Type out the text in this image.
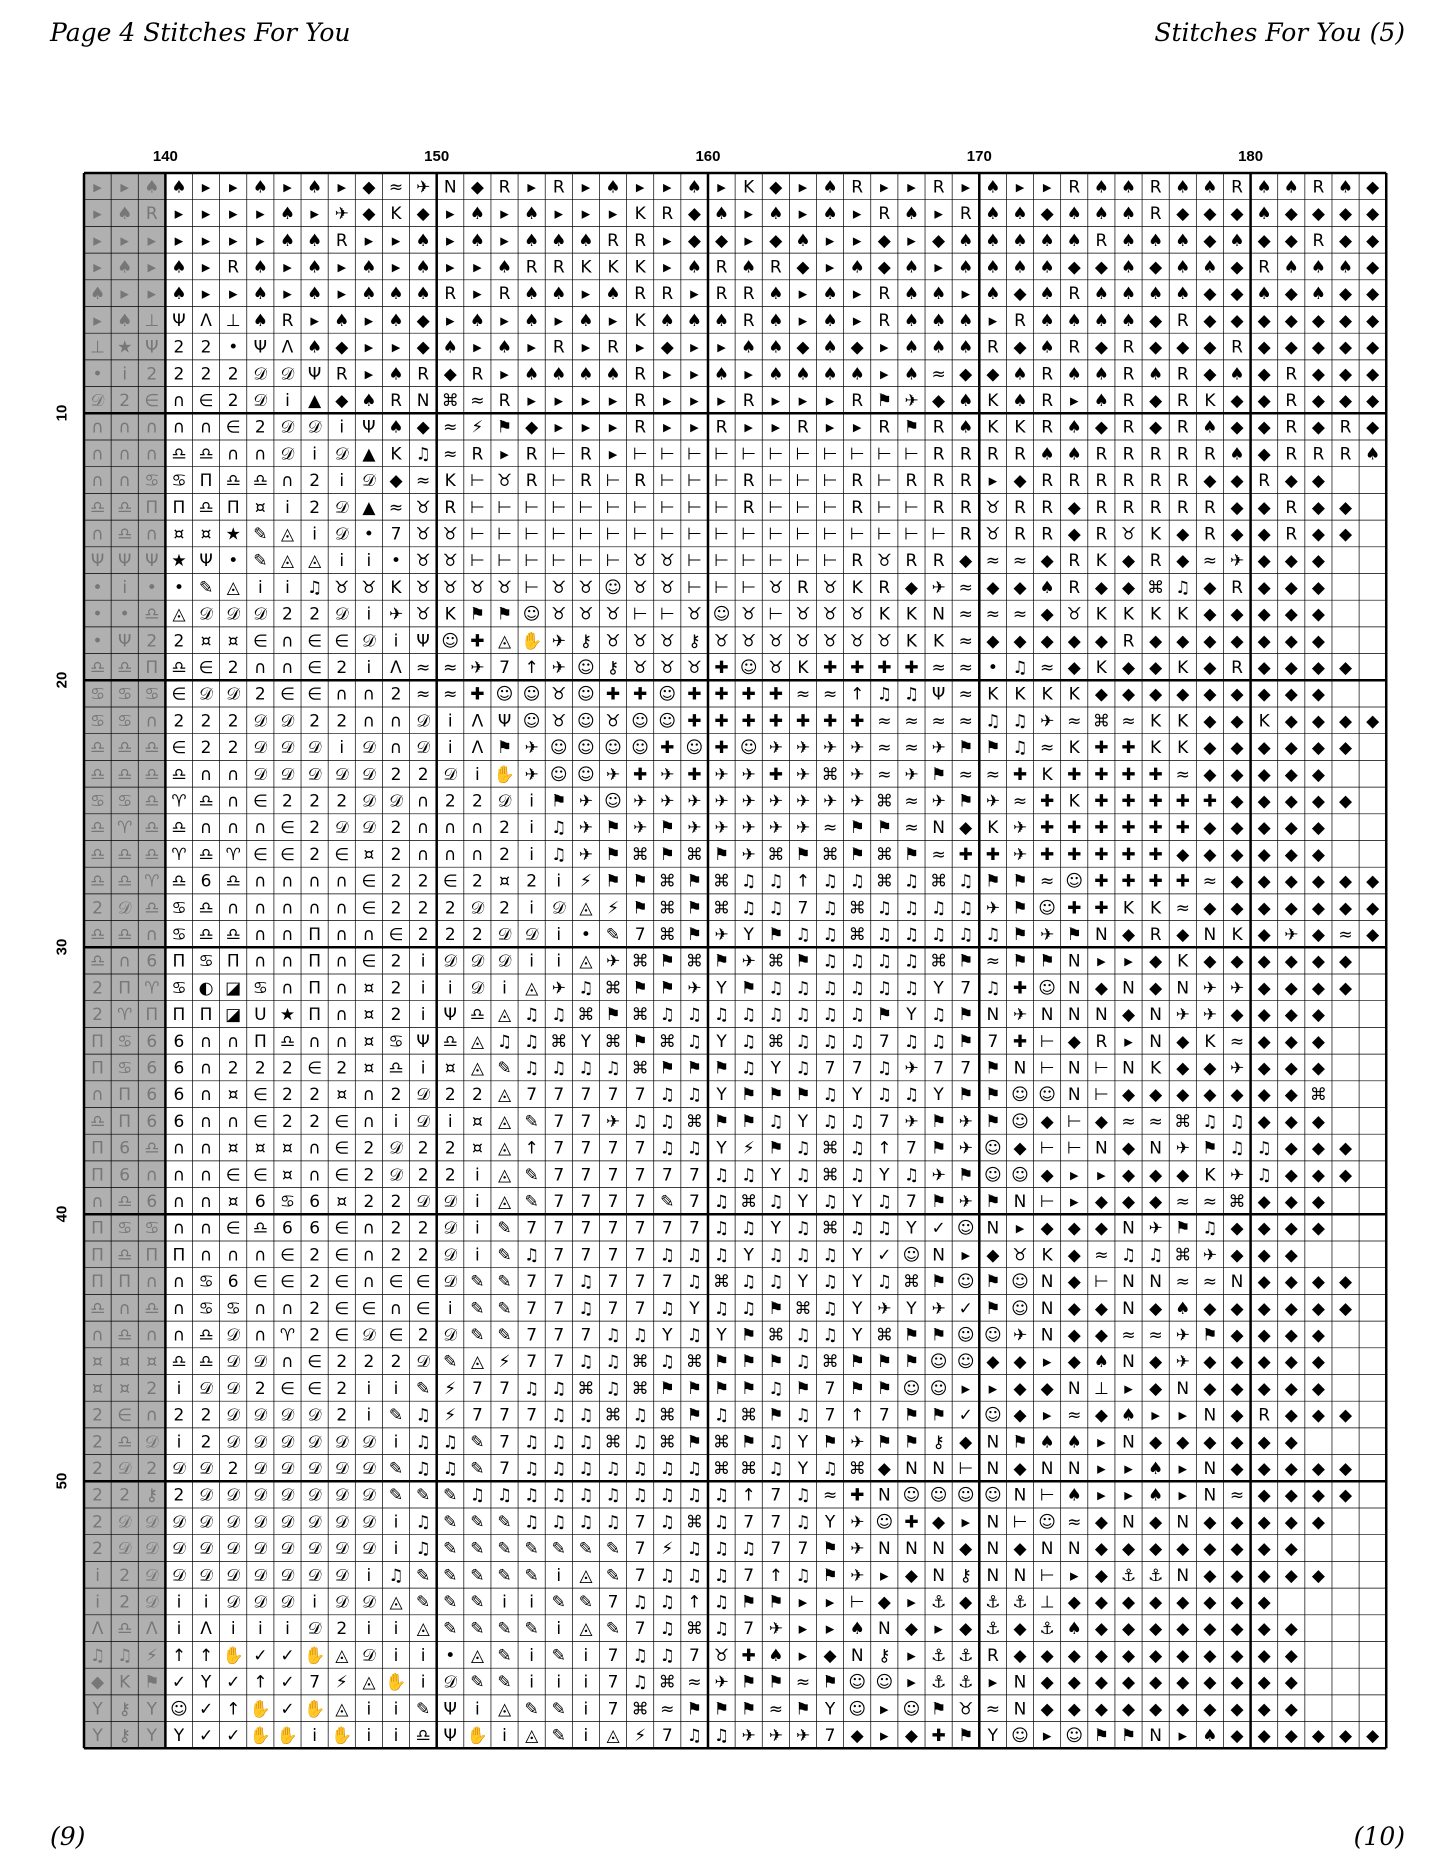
Page 4 Stitches For You	Stitches For You (5)
140	150	160	170	180
10
20
30
40
50
▸ ▸ ♠ ♠ ▸ ▸ ♠ ▸ ♠ ▸ ◆ ≈ ✈ N ◆ R ▸ R ▸ ♠ ▸ ▸ ♠ ▸ K ◆ ▸ ♠ R ▸ ▸ R ▸ ♠ ▸ ▸ R ♠ ♠ R ♠ ♠ R ♠ ♠ R ♠ ◆
▸ ♠ R ▸ ▸ ▸ ▸ ♠ ▸ ✈ ◆ K ◆ ▸ ♠ ▸ ♠ ▸ ▸ ▸ K R ◆ ♠ ▸ ♠ ▸ ♠ ▸ R ♠ ▸ R ♠ ♠ ◆ ♠ ♠ ♠ R ◆ ◆ ◆ ♠ ◆ ◆ ◆ ◆
▸ ▸ ▸ ▸ ▸ ▸ ▸ ♠ ♠ R ▸ ▸ ♠ ▸ ♠ ▸ ♠ ♠ ♠ R R ▸ ◆ ◆ ▸ ◆ ♠ ▸ ▸ ◆ ▸ ◆ ♠ ♠ ♠ ♠ ♠ R ♠ ♠ ♠ ◆ ♠ ◆ ◆ R ◆ ◆
▸ ♠ ▸ ♠ ▸ R ♠ ▸ ♠ ▸ ♠ ▸ ♠ ▸ ▸ ♠ R R K K K ▸ ♠ R ♠ R ◆ ▸ ♠ ◆ ♠ ▸ ♠ ♠ ♠ ♠ ◆ ◆ ♠ ◆ ♠ ♠ ◆ R ♠ ♠ ♠ ◆
♠ ▸ ▸ ♠ ▸ ▸ ♠ ▸ ♠ ▸ ♠ ♠ ♠ R ▸ R ♠ ♠ ▸ ♠ R R ▸ R R ♠ ▸ ♠ ▸ R ♠ ♠ ▸ ♠ ◆ ♠ R ♠ ♠ ♠ ♠ ◆ ◆ ♠ ◆ ♠ ◆ ◆
▸ ♠ ⊥ Ψ Λ ⊥ ♠ R ▸ ♠ ▸ ♠ ◆ ▸ ♠ ▸ ♠ ▸ ♠ ▸ K ♠ ♠ ♠ R ♠ ▸ ♠ ▸ R ♠ ♠ ♠ ▸ R ♠ ♠ ♠ ♠ ◆ R ◆ ◆ ◆ ◆ ◆ ◆ ◆
⊥ ★ Ψ 2 2 • Ψ Λ ♠ ◆ ▸ ▸ ◆ ♠ ▸ ♠ ▸ R ▸ R ▸ ◆ ▸ ▸ ♠ ♠ ◆ ♠ ◆ ▸ ♠ ♠ ♠ R ◆ ♠ R ◆ R ◆ ◆ ◆ R ◆ ◆ ◆ ◆ ◆
• i 2 2 2 2 𝒟 𝒟 Ψ R ▸ ♠ R ◆ R ▸ ♠ ♠ ♠ ♠ R ▸ ▸ ♠ ▸ ♠ ♠ ♠ ♠ ▸ ♠ ≈ ◆ ◆ ♠ R ♠ ♠ R ♠ R ◆ ♠ ◆ R ◆ ◆ ◆
𝒟 2 ∈ ∩ ∈ 2 𝒟 i ▲ ◆ ♠ R N ⌘ ≈ R ▸ ▸ ▸ ▸ R ▸ ▸ ▸ R ▸ ▸ ▸ R ⚑ ✈ ◆ ♠ K ♠ R ▸ ♠ R ◆ R K ◆ ◆ R ◆ ◆ ◆
∩ ∩ ∩ ∩ ∩ ∈ 2 𝒟 𝒟 i Ψ ♠ ◆ ≈ ⚡ ⚑ ◆ ▸ ▸ ▸ R ▸ ▸ R ▸ ▸ R ▸ ▸ R ⚑ R ♠ K K R ♠ ◆ R ◆ R ♠ ◆ ◆ R ◆ R ◆
∩ ∩ ∩ ♎ ♎ ∩ ∩ 𝒟 i 𝒟 ▲ K ♫ ≈ R ▸ R ⊢ R ▸ ⊢ ⊢ ⊢ ⊢ ⊢ ⊢ ⊢ ⊢ ⊢ ⊢ ⊢ R R R R ♠ ♠ R R R R R ♠ ◆ R R R ♠
∩ ∩ ♋ ♋ Π ♎ ♎ ∩ 2 i 𝒟 ◆ ≈ K ⊢ ♉ R ⊢ R ⊢ R ⊢ ⊢ ⊢ R ⊢ ⊢ ⊢ R ⊢ R R R ▸ ◆ R R R R R R ◆ ◆ R ◆ ◆
♎ ♎ Π Π ♎ Π ¤ i 2 𝒟 ▲ ≈ ♉ R ⊢ ⊢ ⊢ ⊢ ⊢ ⊢ ⊢ ⊢ ⊢ ⊢ R ⊢ ⊢ ⊢ R ⊢ ⊢ R R ♉ R R ◆ R R R R R ◆ ◆ R ◆ ◆
∩ ♎ ∩ ¤ ¤ ★ ✎ ◬ i 𝒟 • 7 ♉ ♉ ⊢ ⊢ ⊢ ⊢ ⊢ ⊢ ⊢ ⊢ ⊢ ⊢ ⊢ ⊢ ⊢ ⊢ ⊢ ⊢ ⊢ ⊢ R ♉ R R ◆ R ♉ K ◆ R ◆ ◆ R ◆ ◆
Ψ Ψ Ψ ★ Ψ • ✎ ◬ ◬ i i • ♉ ♉ ⊢ ⊢ ⊢ ⊢ ⊢ ⊢ ♉ ♉ ⊢ ⊢ ⊢ ⊢ ⊢ ⊢ R ♉ R R ◆ ≈ ≈ ◆ R K ◆ R ◆ ≈ ✈ ◆ ◆ ◆
• i • • ✎ ◬ i i ♫ ♉ ♉ K ♉ ♉ ♉ ♉ ⊢ ♉ ♉ ☺ ♉ ♉ ⊢ ⊢ ⊢ ♉ R ♉ K R ◆ ✈ ≈ ◆ ◆ ♠ R ◆ ◆ ⌘ ♫ ◆ R ◆ ◆ ◆
• • ♎ ◬ 𝒟 𝒟 𝒟 2 2 𝒟 i ✈ ♉ K ⚑ ⚑ ☺ ♉ ♉ ♉ ⊢ ⊢ ♉ ☺ ♉ ⊢ ♉ ♉ ♉ K K N ≈ ≈ ≈ ◆ ♉ K K K K ◆ ◆ ◆ ◆ ◆
• Ψ 2 2 ¤ ¤ ∈ ∩ ∈ ∈ 𝒟 i Ψ ☺ ✚ ◬ ✋ ✈ ⚷ ♉ ♉ ♉ ⚷ ♉ ♉ ♉ ♉ ♉ ♉ ♉ K K ≈ ◆ ◆ ◆ ◆ ◆ R ◆ ◆ ◆ ◆ ◆ ◆ ◆
♎ ♎ Π ♎ ∈ 2 ∩ ∩ ∈ 2 i Λ ≈ ≈ ✈ 7 ↑ ✈ ☺ ⚷ ♉ ♉ ♉ ✚ ☺ ♉ K ✚ ✚ ✚ ✚ ≈ ≈ • ♫ ≈ ◆ K ◆ ◆ K ◆ R ◆ ◆ ◆ ◆
♋ ♋ ♋ ∈ 𝒟 𝒟 2 ∈ ∈ ∩ ∩ 2 ≈ ≈ ✚ ☺ ☺ ♉ ☺ ✚ ✚ ☺ ✚ ✚ ✚ ✚ ≈ ≈ ↑ ♫ ♫ Ψ ≈ K K K K ◆ ◆ ◆ ◆ ◆ ◆ ◆ ◆ ◆
♋ ♋ ∩ 2 2 2 𝒟 𝒟 2 2 ∩ ∩ 𝒟 i Λ Ψ ☺ ♉ ☺ ♉ ☺ ☺ ✚ ✚ ✚ ✚ ✚ ✚ ✚ ≈ ≈ ≈ ≈ ♫ ♫ ✈ ≈ ⌘ ≈ K K ◆ ◆ K ◆ ◆ ◆ ◆
♎ ♎ ♎ ∈ 2 2 𝒟 𝒟 𝒟 i 𝒟 ∩ 𝒟 i Λ ⚑ ✈ ☺ ☺ ☺ ☺ ✚ ☺ ✚ ☺ ✈ ✈ ✈ ✈ ≈ ≈ ✈ ⚑ ⚑ ♫ ≈ K ✚ ✚ K K ◆ ◆ ◆ ◆ ◆ ◆
♎ ♎ ♎ ♎ ∩ ∩ 𝒟 𝒟 𝒟 𝒟 𝒟 2 2 𝒟 i ✋ ✈ ☺ ☺ ✈ ✚ ✈ ✚ ✈ ✈ ✚ ✈ ⌘ ✈ ≈ ✈ ⚑ ≈ ≈ ✚ K ✚ ✚ ✚ ✚ ≈ ◆ ◆ ◆ ◆ ◆
♋ ♋ ♎ ♈ ♎ ∩ ∈ 2 2 2 𝒟 𝒟 ∩ 2 2 𝒟 i ⚑ ✈ ☺ ✈ ✈ ✈ ✈ ✈ ✈ ✈ ✈ ✈ ⌘ ≈ ✈ ⚑ ✈ ≈ ✚ K ✚ ✚ ✚ ✚ ✚ ◆ ◆ ◆ ◆ ◆
♎ ♈ ♎ ♎ ∩ ∩ ∩ ∈ 2 𝒟 𝒟 2 ∩ ∩ ∩ 2 i ♫ ✈ ⚑ ✈ ⚑ ✈ ✈ ✈ ✈ ✈ ≈ ⚑ ⚑ ≈ N ◆ K ✈ ✚ ✚ ✚ ✚ ✚ ✚ ◆ ◆ ◆ ◆ ◆
♎ ♎ ♎ ♈ ♎ ♈ ∈ ∈ 2 ∈ ¤ 2 ∩ ∩ ∩ 2 i ♫ ✈ ⚑ ⌘ ⚑ ⌘ ⚑ ✈ ⌘ ⚑ ⌘ ⚑ ⌘ ⚑ ≈ ✚ ✚ ✈ ✚ ✚ ✚ ✚ ✚ ◆ ◆ ◆ ◆ ◆ ◆
♎ ♎ ♈ ♎ 6 ♎ ∩ ∩ ∩ ∩ ∈ 2 2 ∈ 2 ¤ 2 i ⚡ ⚑ ⚑ ⌘ ⚑ ⌘ ♫ ♫ ↑ ♫ ♫ ⌘ ♫ ⌘ ♫ ⚑ ⚑ ≈ ☺ ✚ ✚ ✚ ✚ ≈ ◆ ◆ ◆ ◆ ◆ ◆
2 𝒟 ♎ ♋ ♎ ∩ ∩ ∩ ∩ ∩ ∈ 2 2 2 𝒟 2 i 𝒟 ◬ ⚡ ⚑ ⌘ ⚑ ⌘ ♫ ♫ 7 ♫ ⌘ ♫ ♫ ♫ ♫ ✈ ⚑ ☺ ✚ ✚ K K ≈ ◆ ◆ ◆ ◆ ◆ ◆ ◆
♎ ♎ ∩ ♋ ♎ ♎ ∩ ∩ Π ∩ ∩ ∈ 2 2 2 𝒟 𝒟 i • ✎ 7 ⌘ ⚑ ✈ Y ⚑ ♫ ♫ ⌘ ♫ ♫ ♫ ♫ ♫ ⚑ ✈ ⚑ N ◆ R ◆ N K ◆ ✈ ◆ ≈ ◆
♎ ∩ 6 Π ♋ Π ∩ ∩ Π ∩ ∈ 2 i 𝒟 𝒟 𝒟 i i ◬ ✈ ⌘ ⚑ ⌘ ⚑ ✈ ⌘ ⚑ ♫ ♫ ♫ ♫ ⌘ ⚑ ≈ ⚑ ⚑ N ▸ ▸ ◆ K ◆ ◆ ◆ ◆ ◆ ◆
2 Π ♈ ♋ ◐ ◪ ♋ ∩ Π ∩ ¤ 2 i i 𝒟 i ◬ ✈ ♫ ⌘ ⚑ ⚑ ✈ Y ⚑ ♫ ♫ ♫ ♫ ♫ ♫ Y 7 ♫ ✚ ☺ N ◆ N ◆ N ✈ ✈ ◆ ◆ ◆ ◆
2 ♈ Π Π Π ◪ U ★ Π ∩ ¤ 2 i Ψ ♎ ◬ ♫ ♫ ⌘ ⚑ ⌘ ♫ ♫ ♫ ♫ ♫ ♫ ♫ ♫ ⚑ Y ♫ ⚑ N ✈ N N N ◆ N ✈ ✈ ◆ ◆ ◆ ◆
Π ♋ 6 6 ∩ ∩ Π ♎ ∩ ∩ ¤ ♋ Ψ ♎ ◬ ♫ ♫ ⌘ Y ⌘ ⚑ ⌘ ♫ Y ♫ ⌘ ♫ ♫ ♫ 7 ♫ ♫ ⚑ 7 ✚ ⊢ ◆ R ▸ N ◆ K ≈ ◆ ◆ ◆
Π ♋ 6 6 ∩ 2 2 2 ∈ 2 ¤ ♎ i ¤ ◬ ✎ ♫ ♫ ♫ ♫ ⌘ ⚑ ⚑ ⚑ ♫ Y ♫ 7 7 ♫ ✈ 7 7 ⚑ N ⊢ N ⊢ N K ◆ ◆ ✈ ◆ ◆ ◆
∩ Π 6 6 ∩ ¤ ∈ 2 2 ¤ ∩ 2 𝒟 2 2 ◬ 7 7 7 7 7 ♫ ♫ Y ⚑ ⚑ ⚑ ♫ Y ♫ ♫ Y ⚑ ⚑ ☺ ☺ N ⊢ ◆ ◆ ◆ ◆ ◆ ◆ ◆ ⌘
♎ Π 6 6 ∩ ∩ ∈ 2 2 ∈ ∩ i 𝒟 i ¤ ◬ ✎ 7 7 ✈ ♫ ♫ ⌘ ⚑ ⚑ ♫ Y ♫ ♫ 7 ✈ ⚑ ✈ ⚑ ☺ ◆ ⊢ ◆ ≈ ≈ ⌘ ♫ ♫ ◆ ◆ ◆
Π 6 ♎ ∩ ∩ ¤ ¤ ¤ ∩ ∈ 2 𝒟 2 2 ¤ ◬ ↑ 7 7 7 7 ♫ ♫ Y ⚡ ⚑ ♫ ⌘ ♫ ↑ 7 ⚑ ✈ ☺ ◆ ⊢ ⊢ N ◆ N ✈ ⚑ ♫ ♫ ◆ ◆ ◆
Π 6 ∩ ∩ ∩ ∈ ∈ ¤ ∩ ∈ 2 𝒟 2 2 i ◬ ✎ 7 7 7 7 7 7 ♫ ♫ Y ♫ ⌘ ♫ Y ♫ ✈ ⚑ ☺ ☺ ◆ ▸ ▸ ◆ ◆ ◆ K ✈ ♫ ◆ ◆ ◆
∩ ♎ 6 ∩ ∩ ¤ 6 ♋ 6 ¤ 2 2 𝒟 𝒟 i ◬ ✎ 7 7 7 7 ✎ 7 ♫ ⌘ ♫ Y ♫ Y ♫ 7 ⚑ ✈ ⚑ N ⊢ ▸ ◆ ◆ ◆ ≈ ≈ ⌘ ◆ ◆ ◆
Π ♋ ♋ ∩ ∩ ∈ ♎ 6 6 ∈ ∩ 2 2 𝒟 i ✎ 7 7 7 7 7 7 7 ♫ ♫ Y ♫ ⌘ ♫ ♫ Y ✓ ☺ N ▸ ◆ ◆ ◆ N ✈ ⚑ ♫ ◆ ◆ ◆ ◆
Π ♎ Π Π ∩ ∩ ∩ ∈ 2 ∈ ∩ 2 2 𝒟 i ✎ ♫ 7 7 7 7 ♫ ♫ ♫ Y ♫ ♫ ♫ Y ✓ ☺ N ▸ ◆ ♉ K ◆ ≈ ♫ ♫ ⌘ ✈ ◆ ◆ ◆
Π Π ∩ ∩ ♋ 6 ∈ ∈ 2 ∈ ∩ ∈ ∈ 𝒟 ✎ ✎ 7 7 ♫ 7 7 7 ♫ ⌘ ♫ ♫ Y ♫ Y ♫ ⌘ ⚑ ☺ ⚑ ☺ N ◆ ⊢ N N ≈ ≈ N ◆ ◆ ◆ ◆
♎ ∩ ♎ ∩ ♋ ♋ ∩ ∩ 2 ∈ ∈ ∩ ∈ i ✎ ✎ 7 7 ♫ 7 7 ♫ Y ♫ ♫ ⚑ ⌘ ♫ Y ✈ Y ✈ ✓ ⚑ ☺ N ◆ ◆ N ◆ ♠ ◆ ◆ ◆ ◆ ◆ ◆
∩ ♎ ∩ ∩ ♎ 𝒟 ∩ ♈ 2 ∈ 𝒟 ∈ 2 𝒟 ✎ ✎ 7 7 7 ♫ ♫ Y ♫ Y ⚑ ⌘ ♫ ♫ Y ⌘ ⚑ ⚑ ☺ ☺ ✈ N ◆ ◆ ≈ ≈ ✈ ⚑ ◆ ◆ ◆ ◆
¤ ¤ ¤ ♎ ♎ 𝒟 𝒟 ∩ ∈ 2 2 2 𝒟 ✎ ◬ ⚡ 7 7 ♫ ♫ ⌘ ♫ ⌘ ⚑ ⚑ ⚑ ♫ ⌘ ⚑ ⚑ ⚑ ☺ ☺ ◆ ◆ ▸ ◆ ♠ N ◆ ✈ ◆ ◆ ◆ ◆ ◆
¤ ¤ 2 i 𝒟 𝒟 2 ∈ ∈ 2 i i ✎ ⚡ 7 7 ♫ ♫ ⌘ ♫ ⌘ ⚑ ⚑ ⚑ ⚑ ♫ ⚑ 7 ⚑ ⚑ ☺ ☺ ▸ ▸ ◆ ◆ N ⊥ ▸ ◆ N ◆ ◆ ◆ ◆ ◆
2 ∈ ∩ 2 2 𝒟 𝒟 𝒟 𝒟 2 i ✎ ♫ ⚡ 7 7 7 ♫ ♫ ⌘ ♫ ⌘ ⚑ ♫ ⌘ ⚑ ♫ 7 ↑ 7 ⚑ ⚑ ✓ ☺ ◆ ▸ ≈ ◆ ♠ ▸ ▸ N ◆ R ◆ ◆ ◆
2 ♎ 𝒟 i 2 𝒟 𝒟 𝒟 𝒟 𝒟 𝒟 i ♫ ♫ ✎ 7 ♫ ♫ ♫ ⌘ ♫ ⌘ ⚑ ⌘ ⚑ ♫ Y ⚑ ✈ ⚑ ⚑ ⚷ ◆ N ⚑ ♠ ♠ ▸ N ◆ ◆ ◆ ◆ ◆ ◆
2 𝒟 2 𝒟 𝒟 2 𝒟 𝒟 𝒟 𝒟 𝒟 ✎ ♫ ♫ ✎ 7 ♫ ♫ ♫ ♫ ♫ ♫ ♫ ⌘ ⌘ ♫ Y ♫ ⌘ ◆ N N ⊢ N ◆ N N ▸ ▸ ♠ ▸ N ◆ ◆ ◆ ◆ ◆
2 2 ⚷ 2 𝒟 𝒟 𝒟 𝒟 𝒟 𝒟 𝒟 ✎ ✎ ✎ ♫ ♫ ♫ ♫ ♫ ♫ ♫ ♫ ♫ ♫ ↑ 7 ♫ ≈ ✚ N ☺ ☺ ☺ ☺ N ⊢ ♠ ▸ ▸ ♠ ▸ N ≈ ◆ ◆ ◆ ◆
2 𝒟 𝒟 𝒟 𝒟 𝒟 𝒟 𝒟 𝒟 𝒟 𝒟 i ♫ ✎ ✎ ✎ ♫ ♫ ♫ ♫ 7 ♫ ⌘ ♫ 7 7 ♫ Y ✈ ☺ ✚ ◆ ▸ N ⊢ ☺ ≈ ◆ N ◆ N ◆ ◆ ◆ ◆ ◆
2 𝒟 𝒟 𝒟 𝒟 𝒟 𝒟 𝒟 𝒟 𝒟 𝒟 i ♫ ✎ ✎ ✎ ✎ ✎ ✎ ✎ 7 ⚡ ♫ ♫ ♫ 7 7 ⚑ ✈ N N N ◆ N ◆ N N ◆ ◆ ◆ ◆ ◆ ◆ ◆ ◆
i 2 𝒟 𝒟 𝒟 𝒟 𝒟 𝒟 𝒟 𝒟 i ♫ ✎ ✎ ✎ ✎ ✎ i ◬ ✎ 7 ♫ ♫ ♫ 7 ↑ ♫ ⚑ ✈ ▸ ◆ N ⚷ N N ⊢ ▸ ◆ ⚓ ⚓ N ◆ ◆ ◆ ◆ ◆
i 2 𝒟 i i 𝒟 𝒟 𝒟 i 𝒟 𝒟 ◬ ✎ ✎ ✎ i i ✎ ✎ 7 ♫ ♫ ↑ ♫ ⚑ ⚑ ▸ ▸ ⊢ ◆ ▸ ⚓ ◆ ⚓ ⚓ ⊥ ◆ ◆ ◆ ◆ ◆ ◆ ◆ ◆
Λ ♎ Λ i Λ i i i 𝒟 2 i i ◬ ✎ ✎ ✎ ✎ i ◬ ✎ 7 ♫ ⌘ ♫ 7 ✈ ▸ ▸ ♠ N ◆ ▸ ◆ ⚓ ◆ ⚓ ♠ ◆ ◆ ◆ ◆ ◆ ◆ ◆ ◆
♫ ♫ ⚡ ↑ ↑ ✋ ✓ ✓ ✋ ◬ 𝒟 i i • ◬ ✎ i ✎ i 7 ♫ ♫ 7 ♉ ✚ ♠ ▸ ◆ N ⚷ ▸ ⚓ ⚓ R ◆ ◆ ◆ ◆ ◆ ◆ ◆ ◆ ◆ ◆ ◆
◆ K ⚑ ✓ Y ✓ ↑ ✓ 7 ⚡ ◬ ✋ i 𝒟 ✎ ✎ i i i 7 ♫ ⌘ ≈ ✈ ⚑ ⚑ ≈ ⚑ ☺ ☺ ▸ ⚓ ⚓ ▸ N ◆ ◆ ◆ ◆ ◆ ◆ ◆ ◆ ◆ ◆
Y ⚷ Y ☺ ✓ ↑ ✋ ✓ ✋ ◬ i i ✎ Ψ i ◬ ✎ ✎ i 7 ⌘ ≈ ⚑ ⚑ ⚑ ≈ ⚑ Y ☺ ▸ ☺ ⚑ ♉ ≈ N ◆ ◆ ◆ ◆ ◆ ◆ ◆ ◆ ◆ ◆
Y ⚷ Y Y ✓ ✓ ✋ ✋ i ✋ i i ♎ Ψ ✋ i ◬ ✎ i ◬ ⚡ 7 ♫ ♫ ✈ ✈ ✈ 7 ◆ ▸ ◆ ✚ ⚑ Y ☺ ▸ ☺ ⚑ ⚑ N ▸ ♠ ◆ ◆ ◆ ◆ ◆ ◆
(9)	(10)
